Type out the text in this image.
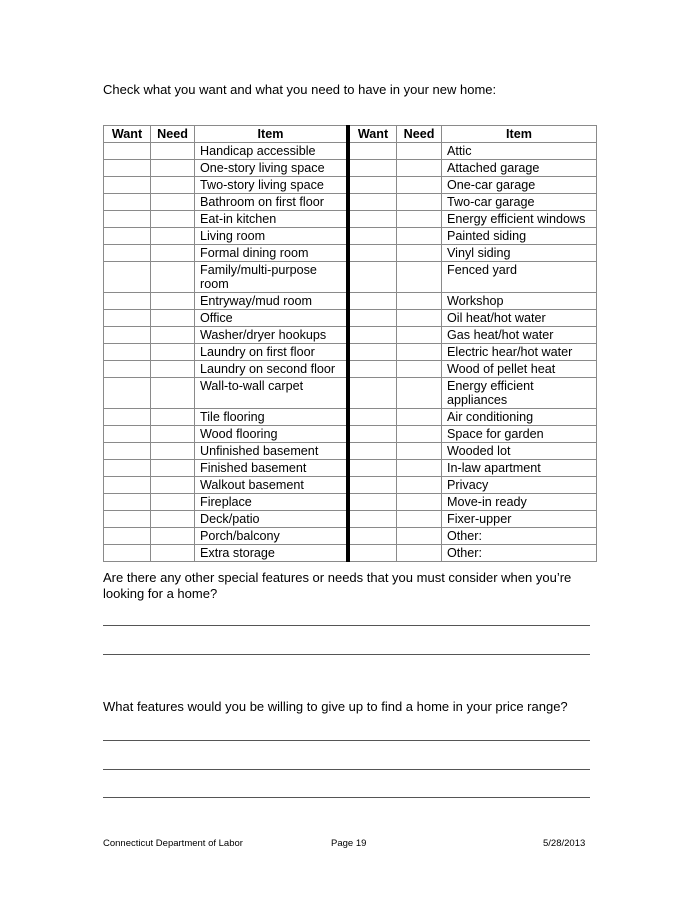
Check what you want and what you need to have in your new home:
Want	Need	Item	Want	Need	Item
		Handicap accessible			Attic
		One-story living space			Attached garage
		Two-story living space			One-car garage
		Bathroom on first floor			Two-car garage
		Eat-in kitchen			Energy efficient windows
		Living room			Painted siding
		Formal dining room			Vinyl siding
		Family/multi-purpose room			Fenced yard
		Entryway/mud room			Workshop
		Office			Oil heat/hot water
		Washer/dryer hookups			Gas heat/hot water
		Laundry on first floor			Electric hear/hot water
		Laundry on second floor			Wood of pellet heat
		Wall-to-wall carpet			Energy efficient appliances
		Tile flooring			Air conditioning
		Wood flooring			Space for garden
		Unfinished basement			Wooded lot
		Finished basement			In-law apartment
		Walkout basement			Privacy
		Fireplace			Move-in ready
		Deck/patio			Fixer-upper
		Porch/balcony			Other:
		Extra storage			Other:
Are there any other special features or needs that you must consider when you’re looking for a home?
What features would you be willing to give up to find a home in your price range?
Connecticut Department of Labor	Page 19	5/28/2013
